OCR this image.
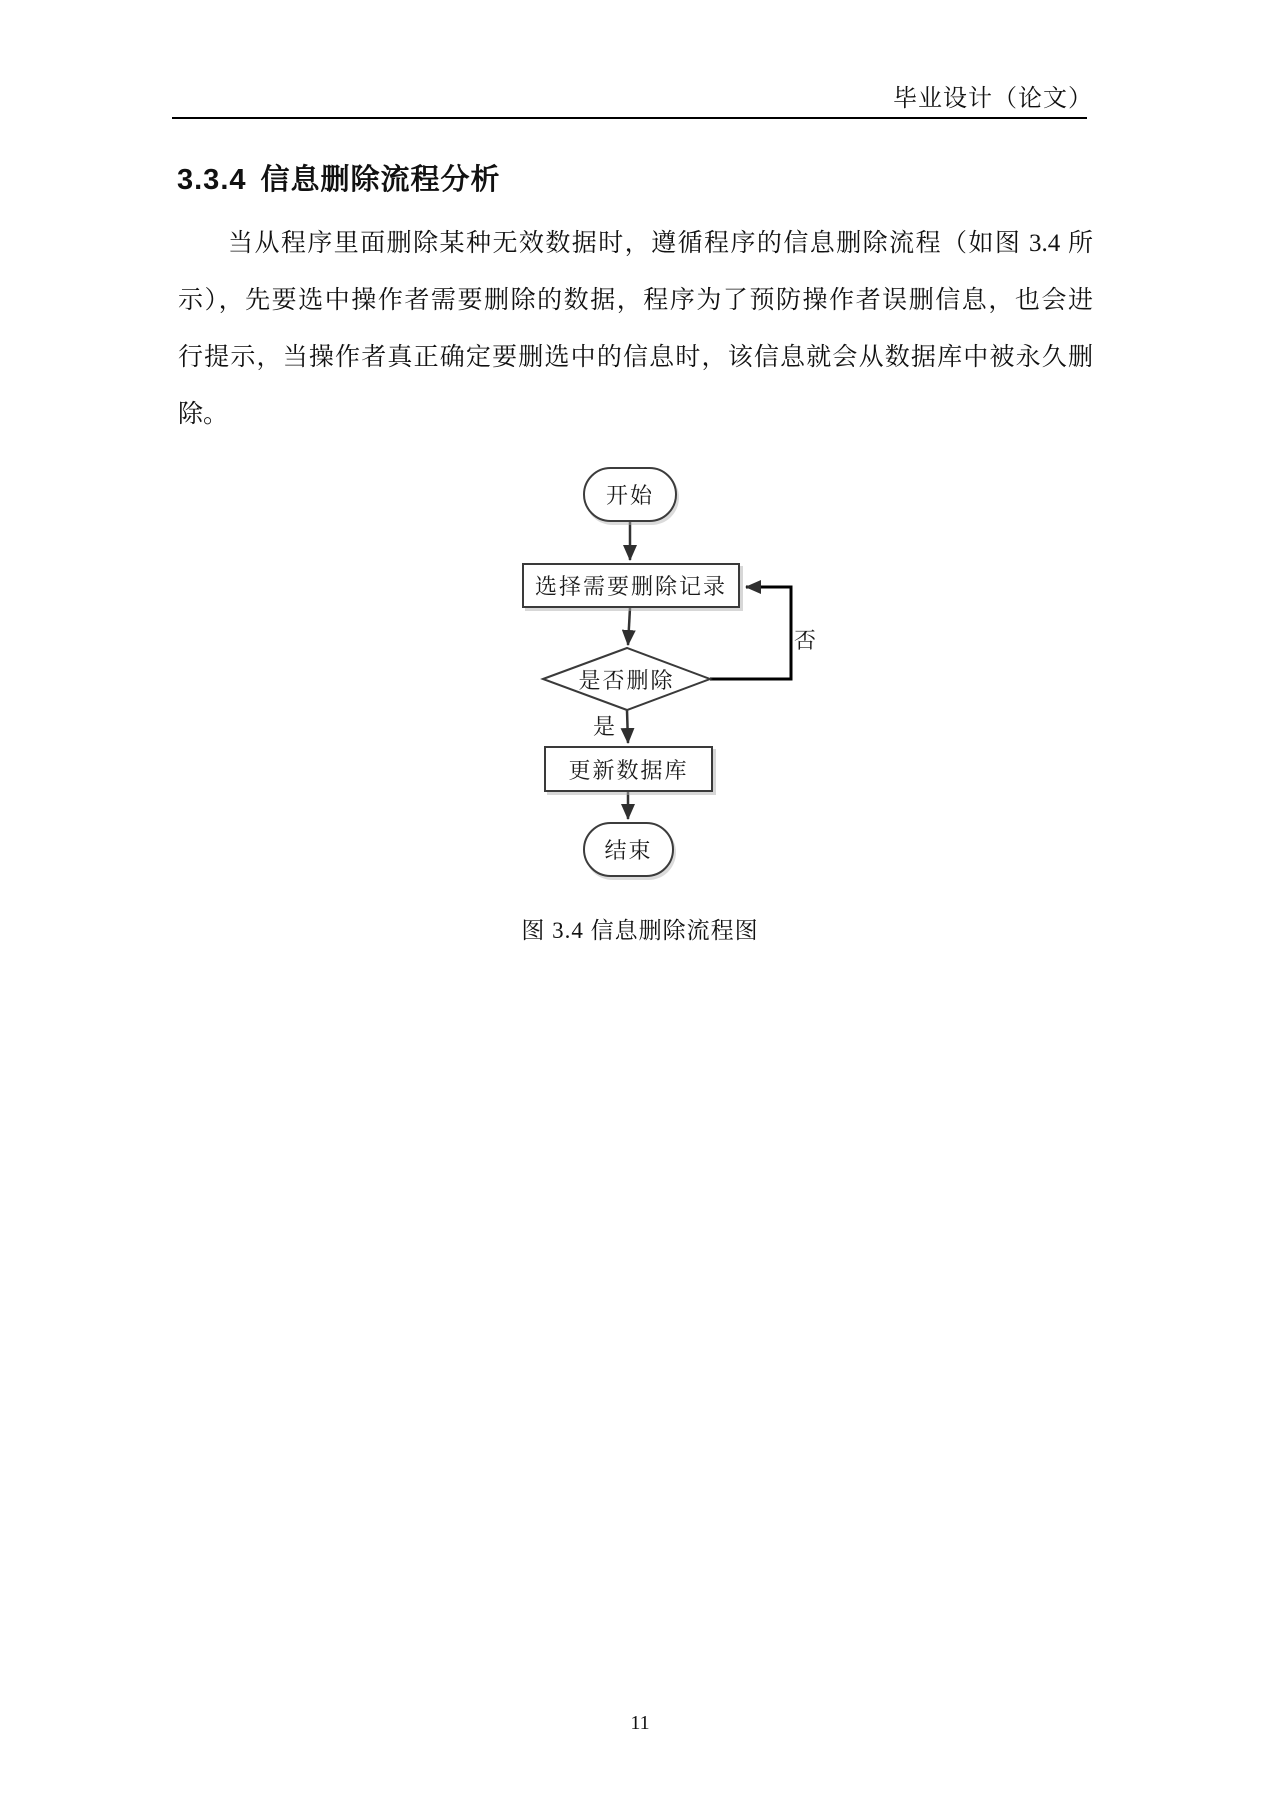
毕业设计（论文）
3.3.4 信息删除流程分析
当从程序里面删除某种无效数据时，遵循程序的信息删除流程（如图 3.4 所
示），先要选中操作者需要删除的数据，程序为了预防操作者误删信息，也会进
行提示，当操作者真正确定要删选中的信息时，该信息就会从数据库中被永久删
除。
开始
选择需要删除记录
是否删除
更新数据库
结束
是
否
图 3.4 信息删除流程图
11
